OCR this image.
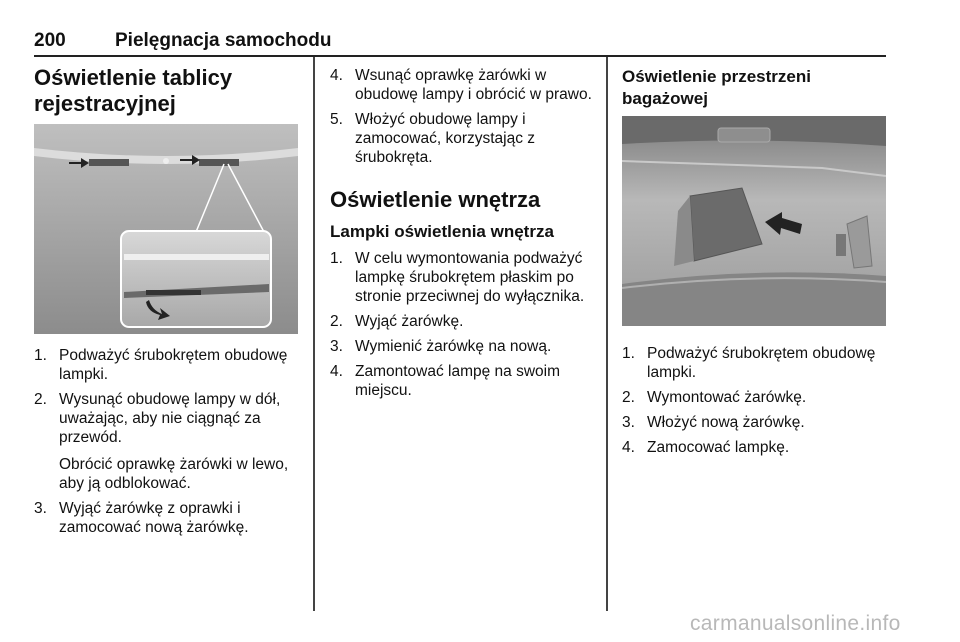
200	Pielęgnacja samochodu
Oświetlenie tablicy rejestracyjnej
1. Podważyć śrubokrętem obudowę lampki.
2. Wysunąć obudowę lampy w dół, uważając, aby nie ciągnąć za przewód.
Obrócić oprawkę żarówki w lewo, aby ją odblokować.
3. Wyjąć żarówkę z oprawki i zamocować nową żarówkę.
4. Wsunąć oprawkę żarówki w obudowę lampy i obrócić w prawo.
5. Włożyć obudowę lampy i zamocować, korzystając z śrubokręta.
Oświetlenie wnętrza
Lampki oświetlenia wnętrza
1. W celu wymontowania podważyć lampkę śrubokrętem płaskim po stronie przeciwnej do wyłącznika.
2. Wyjąć żarówkę.
3. Wymienić żarówkę na nową.
4. Zamontować lampę na swoim miejscu.
Oświetlenie przestrzeni bagażowej
1. Podważyć śrubokrętem obudowę lampki.
2. Wymontować żarówkę.
3. Włożyć nową żarówkę.
4. Zamocować lampkę.
carmanualsonline.info
